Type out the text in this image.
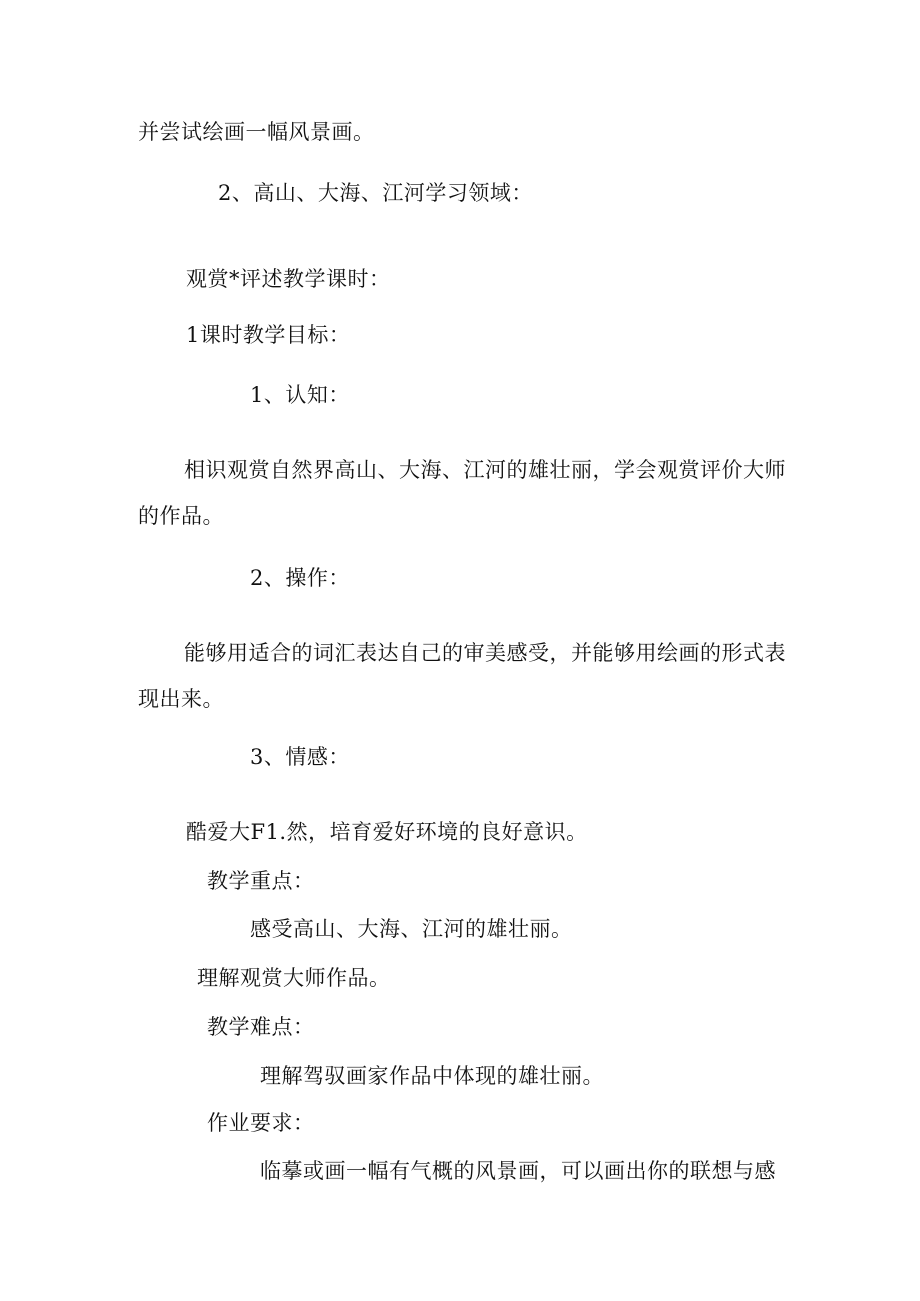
并尝试绘画一幅风景画。

2、高山、大海、江河学习领域：

观赏*评述教学课时：

1课时教学目标：

1、认知：

相识观赏自然界高山、大海、江河的雄壮丽，学会观赏评价大师的作品。

2、操作：

能够用适合的词汇表达自己的审美感受，并能够用绘画的形式表现出来。

3、情感：

酷爱大F1.然，培育爱好环境的良好意识。

教学重点：

感受高山、大海、江河的雄壮丽。

理解观赏大师作品。

教学难点：

理解驾驭画家作品中体现的雄壮丽。

作业要求：

临摹或画一幅有气概的风景画，可以画出你的联想与感
